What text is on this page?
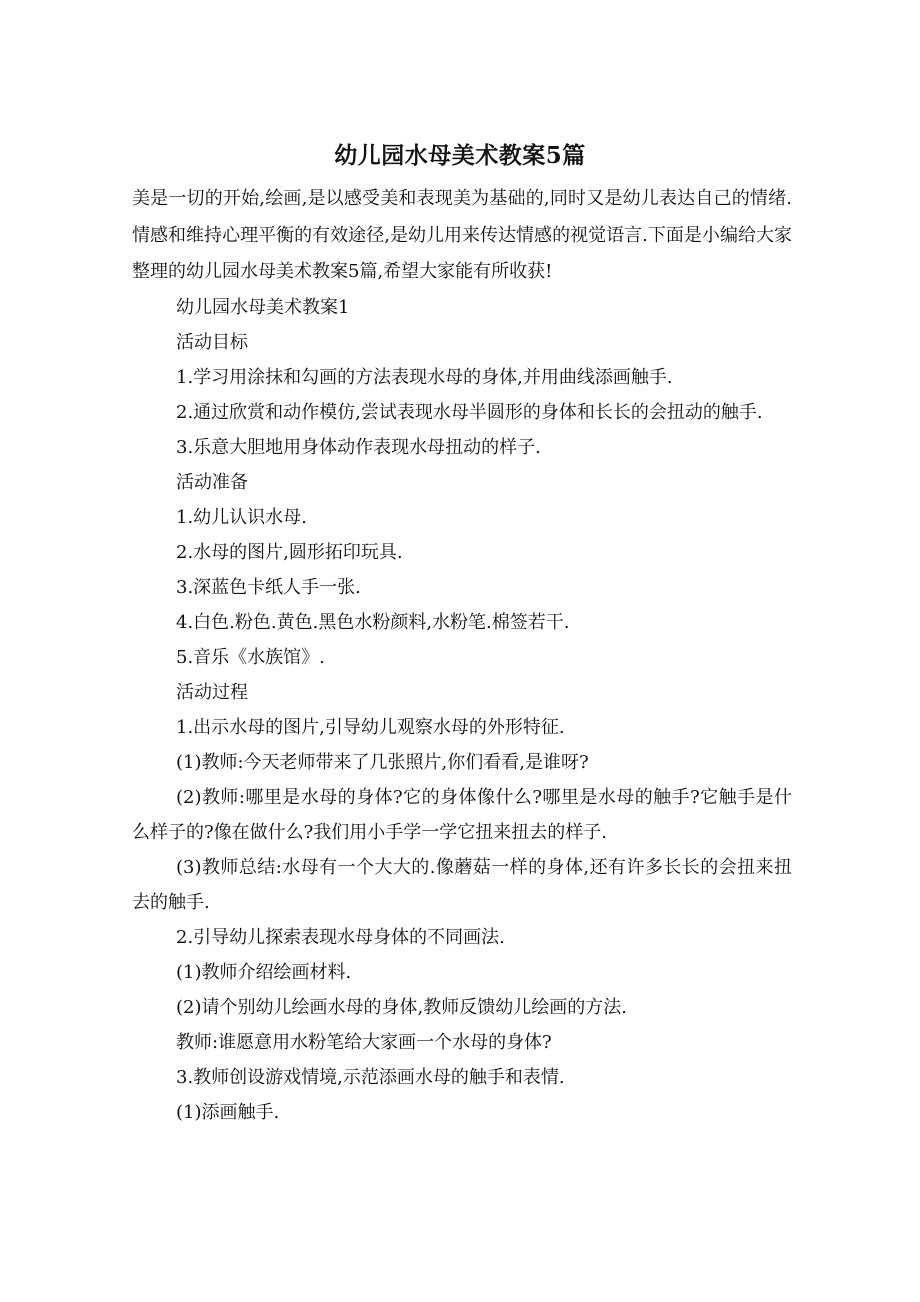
幼儿园水母美术教案5篇

美是一切的开始,绘画,是以感受美和表现美为基础的,同时又是幼儿表达自己的情绪.情感和维持心理平衡的有效途径,是幼儿用来传达情感的视觉语言.下面是小编给大家整理的幼儿园水母美术教案5篇,希望大家能有所收获!

幼儿园水母美术教案1

活动目标

1.学习用涂抹和勾画的方法表现水母的身体,并用曲线添画触手.

2.通过欣赏和动作模仿,尝试表现水母半圆形的身体和长长的会扭动的触手.

3.乐意大胆地用身体动作表现水母扭动的样子.

活动准备

1.幼儿认识水母.

2.水母的图片,圆形拓印玩具.

3.深蓝色卡纸人手一张.

4.白色.粉色.黄色.黑色水粉颜料,水粉笔.棉签若干.

5.音乐《水族馆》.

活动过程

1.出示水母的图片,引导幼儿观察水母的外形特征.

(1)教师:今天老师带来了几张照片,你们看看,是谁呀?

(2)教师:哪里是水母的身体?它的身体像什么?哪里是水母的触手?它触手是什么样子的?像在做什么?我们用小手学一学它扭来扭去的样子.

(3)教师总结:水母有一个大大的.像蘑菇一样的身体,还有许多长长的会扭来扭去的触手.

2.引导幼儿探索表现水母身体的不同画法.

(1)教师介绍绘画材料.

(2)请个别幼儿绘画水母的身体,教师反馈幼儿绘画的方法.

教师:谁愿意用水粉笔给大家画一个水母的身体?

3.教师创设游戏情境,示范添画水母的触手和表情.

(1)添画触手.
